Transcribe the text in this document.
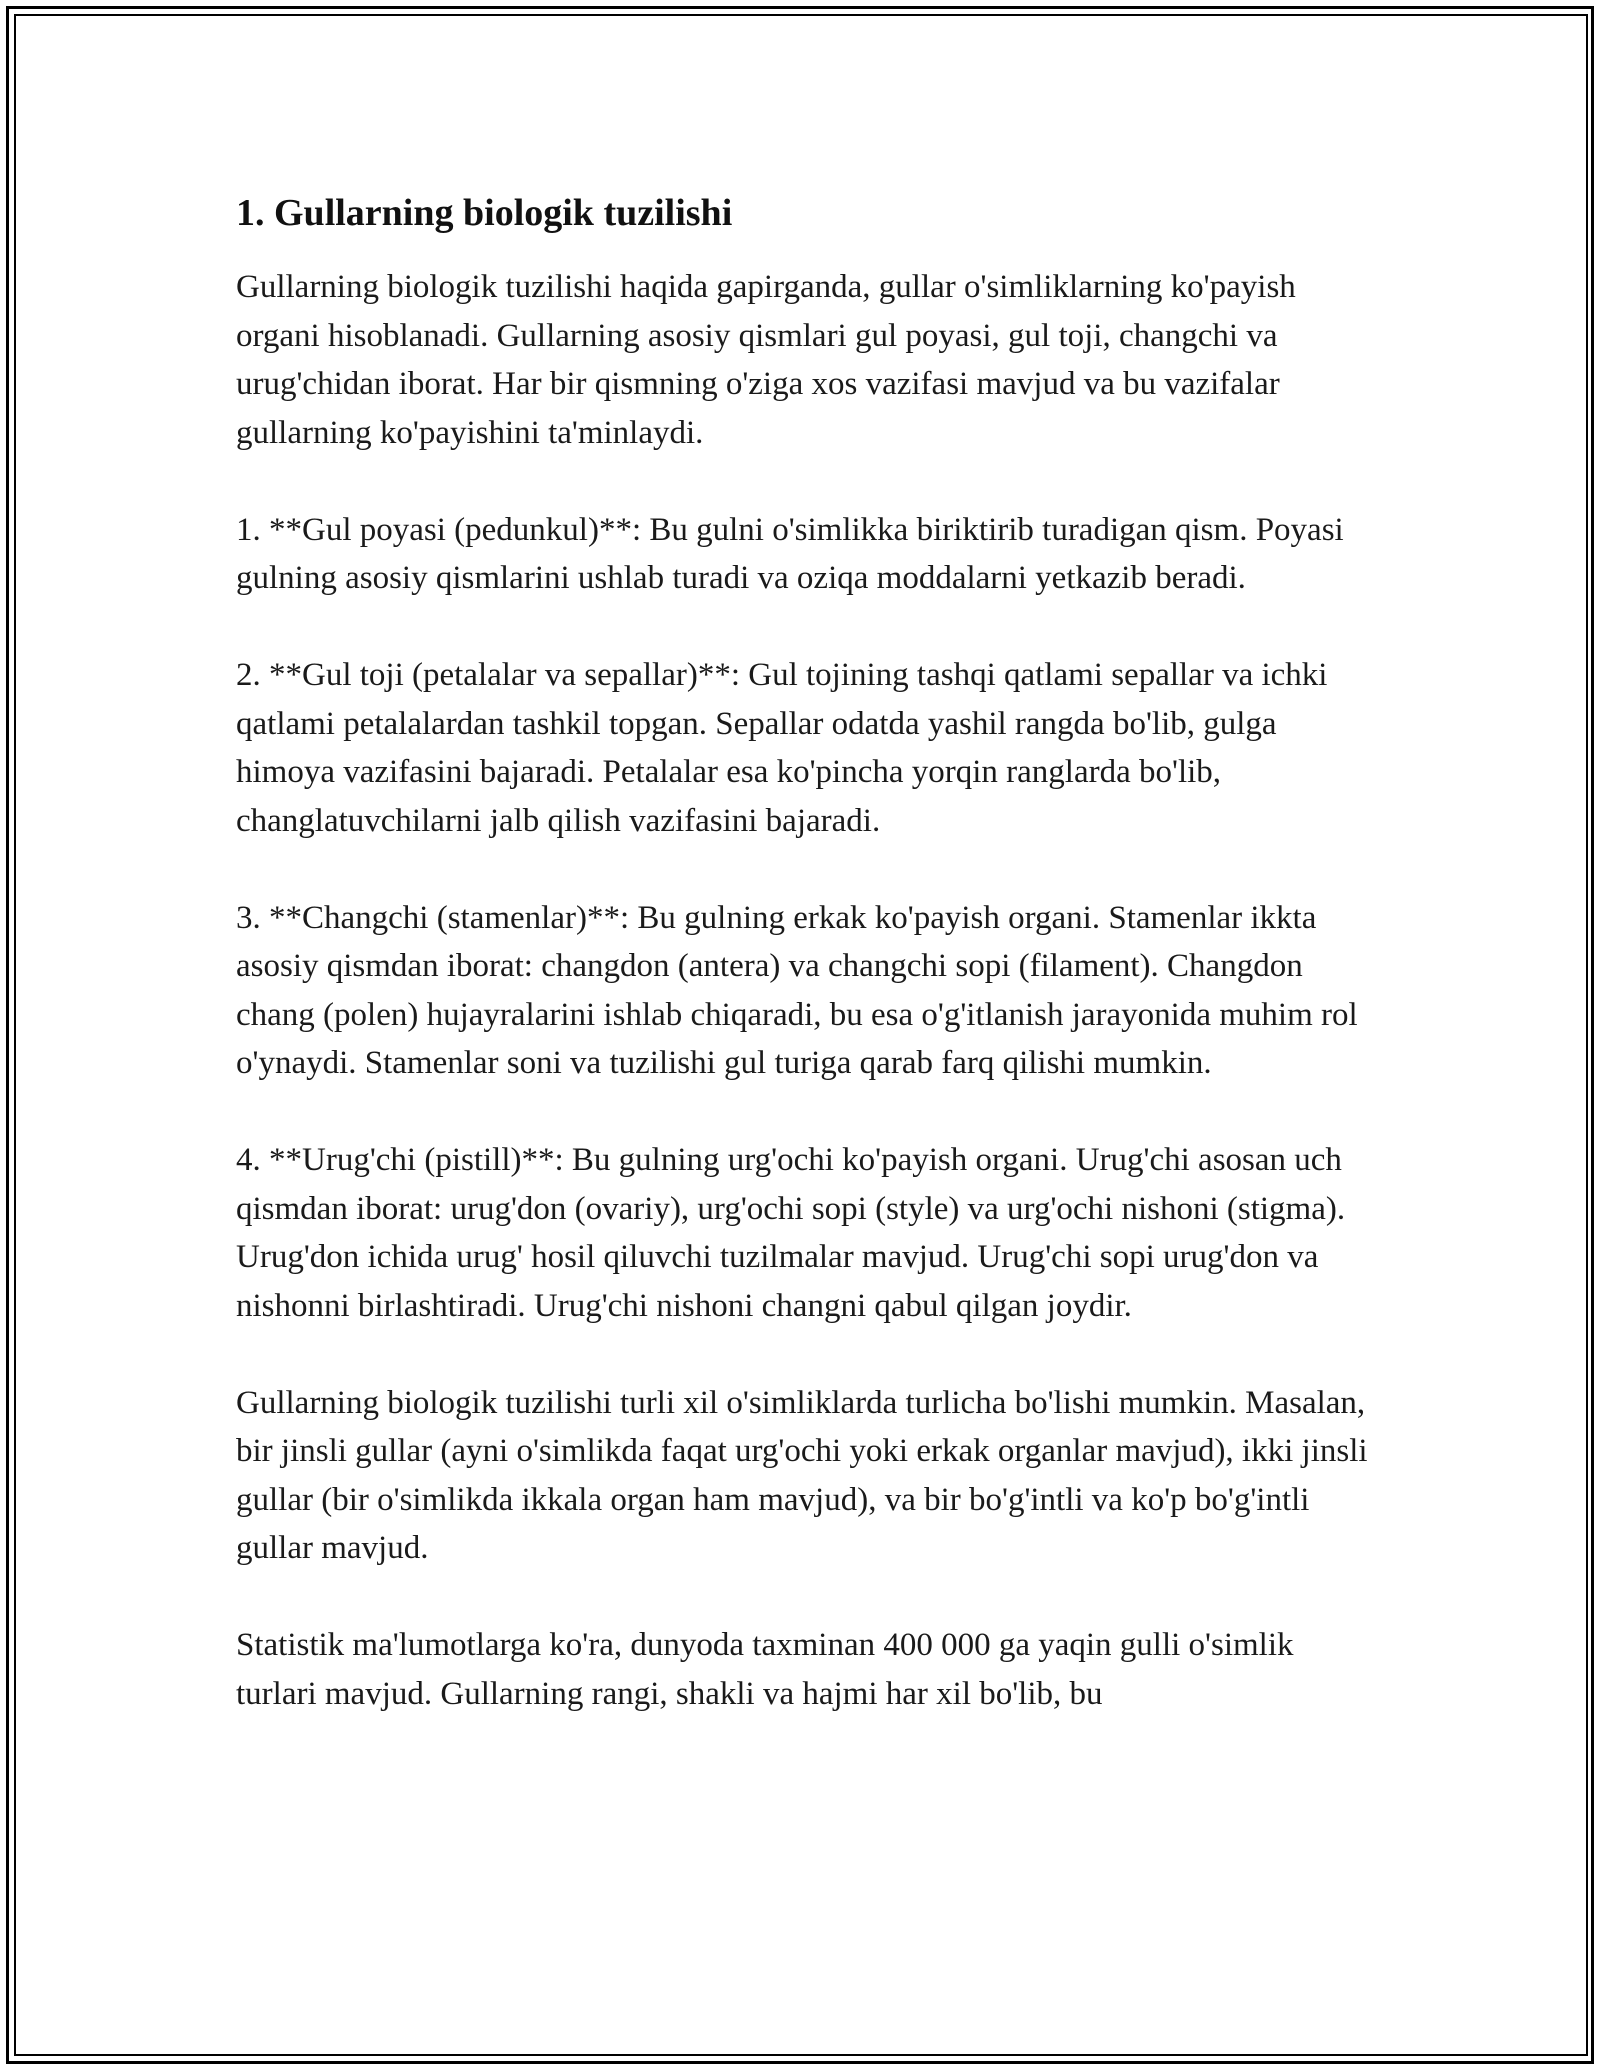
1. Gullarning biologik tuzilishi

Gullarning biologik tuzilishi haqida gapirganda, gullar o'simliklarning ko'payish organi hisoblanadi. Gullarning asosiy qismlari gul poyasi, gul toji, changchi va urug'chidan iborat. Har bir qismning o'ziga xos vazifasi mavjud va bu vazifalar gullarning ko'payishini ta'minlaydi.

1. **Gul poyasi (pedunkul)**: Bu gulni o'simlikka biriktirib turadigan qism. Poyasi gulning asosiy qismlarini ushlab turadi va oziqa moddalarni yetkazib beradi.

2. **Gul toji (petalalar va sepallar)**: Gul tojining tashqi qatlami sepallar va ichki qatlami petalalardan tashkil topgan. Sepallar odatda yashil rangda bo'lib, gulga himoya vazifasini bajaradi. Petalalar esa ko'pincha yorqin ranglarda bo'lib, changlatuvchilarni jalb qilish vazifasini bajaradi.

3. **Changchi (stamenlar)**: Bu gulning erkak ko'payish organi. Stamenlar ikkta asosiy qismdan iborat: changdon (antera) va changchi sopi (filament). Changdon chang (polen) hujayralarini ishlab chiqaradi, bu esa o'g'itlanish jarayonida muhim rol o'ynaydi. Stamenlar soni va tuzilishi gul turiga qarab farq qilishi mumkin.

4. **Urug'chi (pistill)**: Bu gulning urg'ochi ko'payish organi. Urug'chi asosan uch qismdan iborat: urug'don (ovariy), urg'ochi sopi (style) va urg'ochi nishoni (stigma). Urug'don ichida urug' hosil qiluvchi tuzilmalar mavjud. Urug'chi sopi urug'don va nishonni birlashtiradi. Urug'chi nishoni changni qabul qilgan joydir.

Gullarning biologik tuzilishi turli xil o'simliklarda turlicha bo'lishi mumkin. Masalan, bir jinsli gullar (ayni o'simlikda faqat urg'ochi yoki erkak organlar mavjud), ikki jinsli gullar (bir o'simlikda ikkala organ ham mavjud), va bir bo'g'intli va ko'p bo'g'intli gullar mavjud.

Statistik ma'lumotlarga ko'ra, dunyoda taxminan 400 000 ga yaqin gulli o'simlik turlari mavjud. Gullarning rangi, shakli va hajmi har xil bo'lib, bu
